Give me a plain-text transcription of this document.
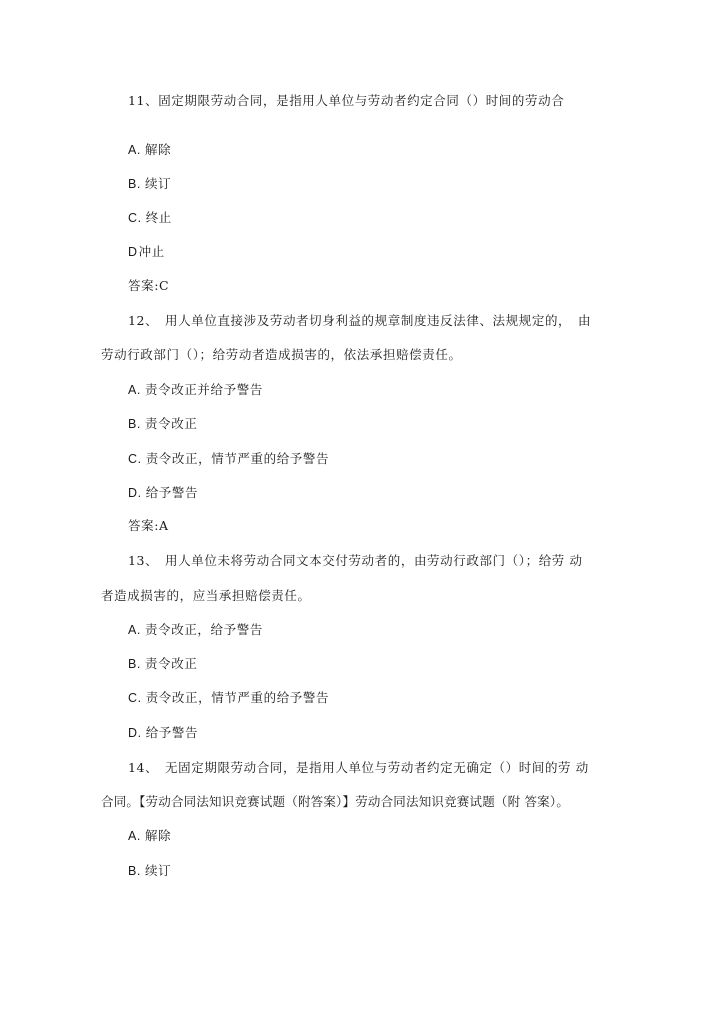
11、固定期限劳动合同，是指用人单位与劳动者约定合同（）时间的劳动合
A. 解除
B. 续订
C. 终止
D冲止
答案:C
12、　用人单位直接涉及劳动者切身利益的规章制度违反法律、法规规定的，　由
劳动行政部门（）；给劳动者造成损害的，依法承担赔偿责任。
A. 责令改正并给予警告
B. 责令改正
C. 责令改正，情节严重的给予警告
D. 给予警告
答案:A
13、　用人单位未将劳动合同文本交付劳动者的，由劳动行政部门（）；给劳 动
者造成损害的，应当承担赔偿责任。
A. 责令改正，给予警告
B. 责令改正
C. 责令改正，情节严重的给予警告
D. 给予警告
14、　无固定期限劳动合同，是指用人单位与劳动者约定无确定（）时间的劳 动
合同。【劳动合同法知识竞赛试题（附答案）】劳动合同法知识竞赛试题（附 答案）。
A. 解除
B. 续订
